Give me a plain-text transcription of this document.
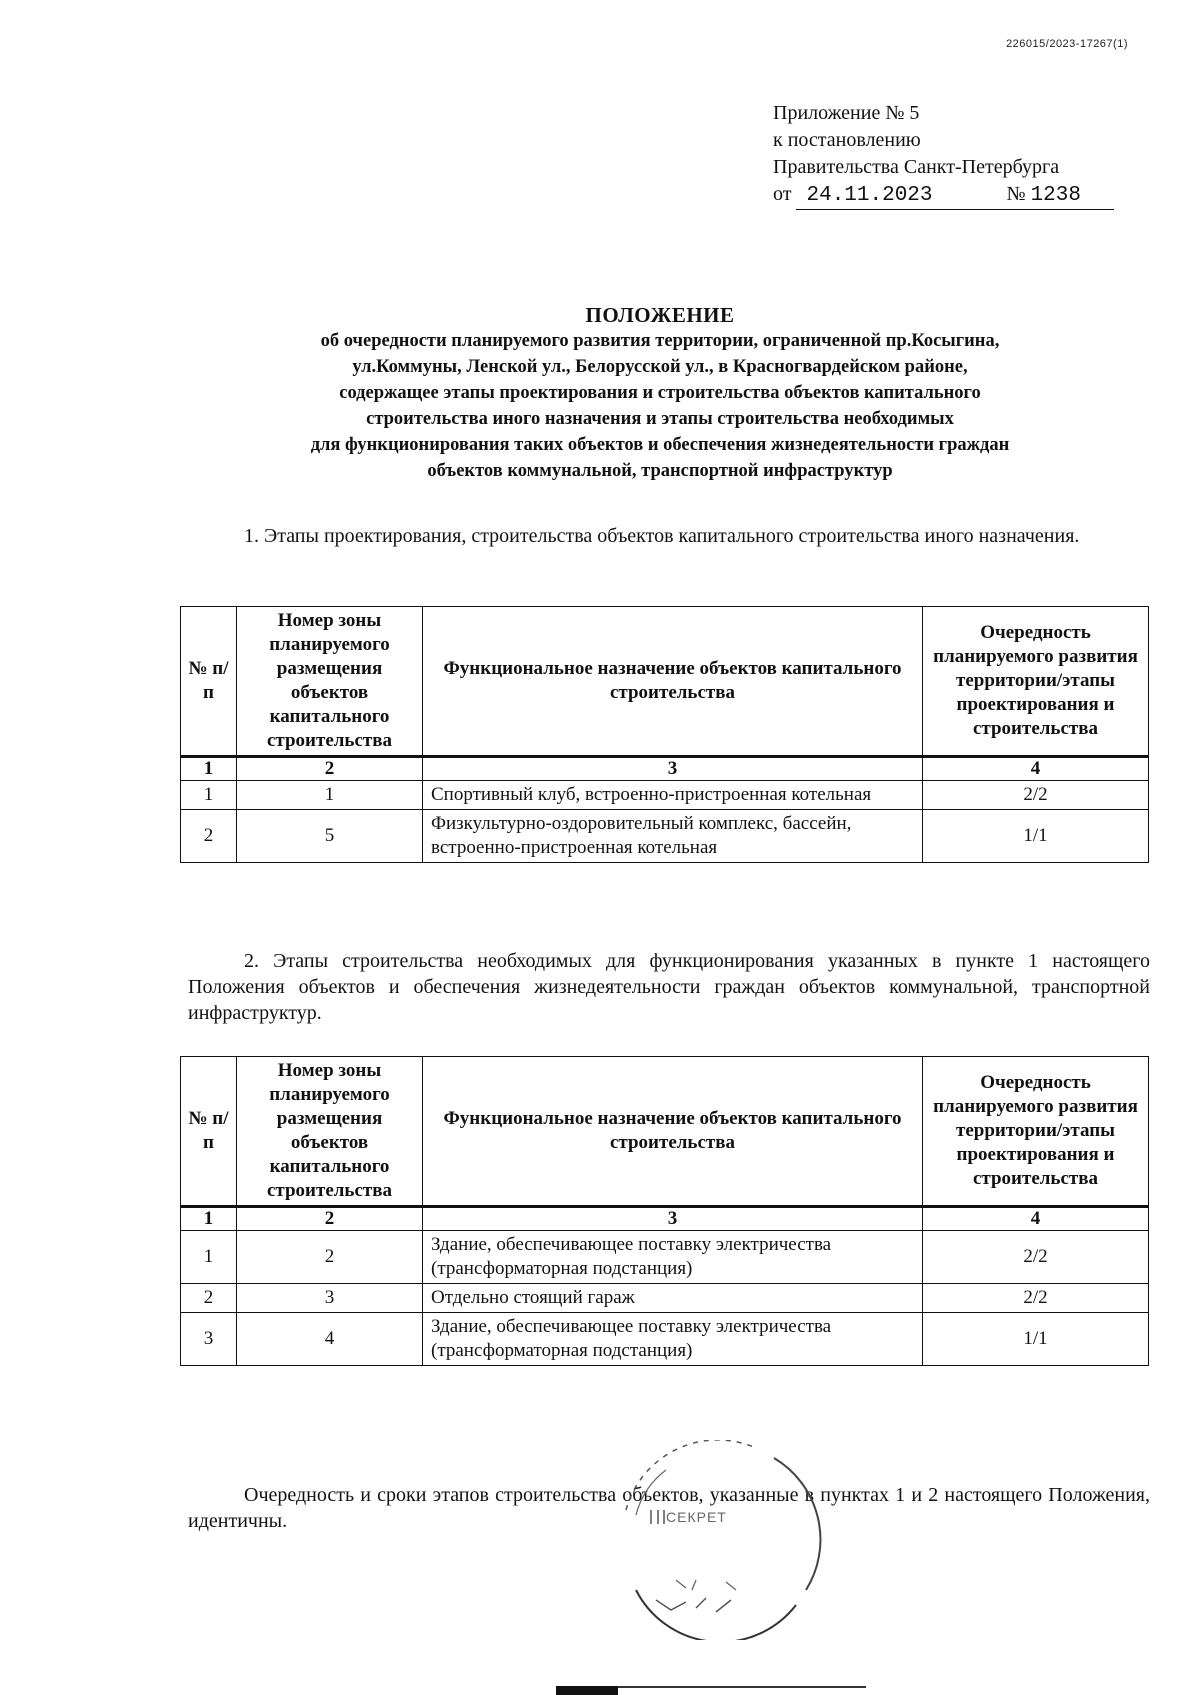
226015/2023-17267(1)
Приложение № 5
к постановлению
Правительства Санкт-Петербурга
от 24.11.2023	№ 1238
ПОЛОЖЕНИЕ
об очередности планируемого развития территории, ограниченной пр.Косыгина,
ул.Коммуны, Ленской ул., Белорусской ул., в Красногвардейском районе,
содержащее этапы проектирования и строительства объектов капитального
строительства иного назначения и этапы строительства необходимых
для функционирования таких объектов и обеспечения жизнедеятельности граждан
объектов коммунальной, транспортной инфраструктур
1. Этапы проектирования, строительства объектов капитального строительства иного назначения.
№ п/п	Номер зоны планируемого размещения объектов капитального строительства	Функциональное назначение объектов капитального строительства	Очередность планируемого развития территории/этапы проектирования и строительства
1	2	3	4
1	1	Спортивный клуб, встроенно-пристроенная котельная	2/2
2	5	Физкультурно-оздоровительный комплекс, бассейн, встроенно-пристроенная котельная	1/1
2. Этапы строительства необходимых для функционирования указанных в пункте 1 настоящего Положения объектов и обеспечения жизнедеятельности граждан объектов коммунальной, транспортной инфраструктур.
№ п/п	Номер зоны планируемого размещения объектов капитального строительства	Функциональное назначение объектов капитального строительства	Очередность планируемого развития территории/этапы проектирования и строительства
1	2	3	4
1	2	Здание, обеспечивающее поставку электричества (трансформаторная подстанция)	2/2
2	3	Отдельно стоящий гараж	2/2
3	4	Здание, обеспечивающее поставку электричества (трансформаторная подстанция)	1/1
Очередность и сроки этапов строительства объектов, указанные в пунктах 1 и 2 настоящего Положения, идентичны.	СЕКРЕТ
